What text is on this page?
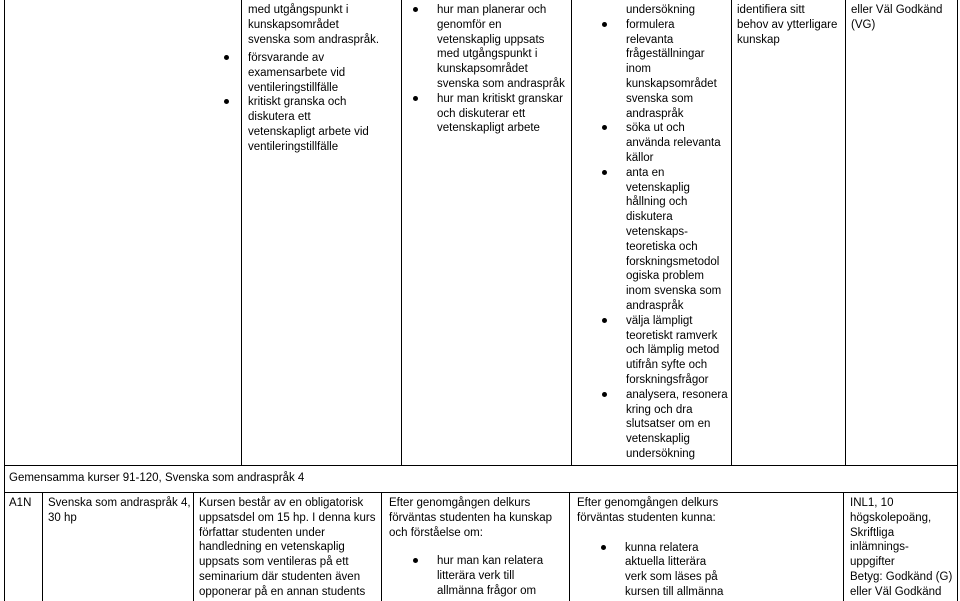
med utgångspunkt i
kunskapsområdet
svenska som andraspråk.
försvarande av
examensarbete vid
ventileringstillfälle
kritiskt granska och
diskutera ett
vetenskapligt arbete vid
ventileringstillfälle
hur man planerar och
genomför en
vetenskaplig uppsats
med utgångspunkt i
kunskapsområdet
svenska som andraspråk
hur man kritiskt granskar
och diskuterar ett
vetenskapligt arbete
undersökning
formulera
relevanta
frågeställningar
inom
kunskapsområdet
svenska som
andraspråk
söka ut och
använda relevanta
källor
anta en
vetenskaplig
hållning och
diskutera
vetenskaps-
teoretiska och
forskningsmetodol
ogiska problem
inom svenska som
andraspråk
välja lämpligt
teoretiskt ramverk
och lämplig metod
utifrån syfte och
forskningsfrågor
analysera, resonera
kring och dra
slutsatser om en
vetenskaplig
undersökning
identifiera sitt
behov av ytterligare
kunskap
eller Väl Godkänd
(VG)
Gemensamma kurser 91-120, Svenska som andraspråk 4
A1N	Svenska som andraspråk 4,
30 hp
Kursen består av en obligatorisk
uppsatsdel om 15 hp. I denna kurs
författar studenten under
handledning en vetenskaplig
uppsats som ventileras på ett
seminarium där studenten även
opponerar på en annan students
Efter genomgången delkurs
förväntas studenten ha kunskap
och förståelse om:
hur man kan relatera
litterära verk till
allmänna frågor om
Efter genomgången delkurs
förväntas studenten kunna:
kunna relatera
aktuella litterära
verk som läses på
kursen till allmänna
INL1, 10
högskolepoäng,
Skriftliga
inlämnings-
uppgifter
Betyg: Godkänd (G)
eller Väl Godkänd
